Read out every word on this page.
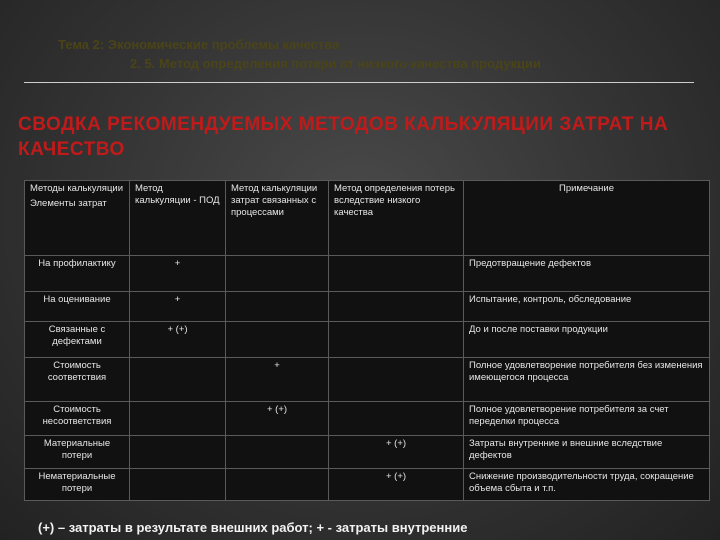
Тема 2: Экономические проблемы качества
2. 5. Метод определения потери от низкого качества продукции
СВОДКА РЕКОМЕНДУЕМЫХ МЕТОДОВ КАЛЬКУЛЯЦИИ ЗАТРАТ НА КАЧЕСТВО
Методы калькуляции
Элементы затрат	Метод калькуляции - ПОД	Метод калькуляции затрат связанных с процессами	Метод определения потерь вследствие низкого качества	Примечание
На профилактику	+			Предотвращение дефектов
На оценивание	+			Испытание, контроль, обследование
Связанные с дефектами	+ (+)			До и после поставки продукции
Стоимость соответствия		+		Полное удовлетворение потребителя без изменения имеющегося процесса
Стоимость несоответствия		+ (+)		Полное удовлетворение потребителя за счет переделки процесса
Материальные потери			+ (+)	Затраты внутренние и внешние вследствие дефектов
Нематериальные потери			+ (+)	Снижение производительности труда, сокращение объема сбыта и т.п.
(+) – затраты в результате внешних работ; + - затраты внутренние
